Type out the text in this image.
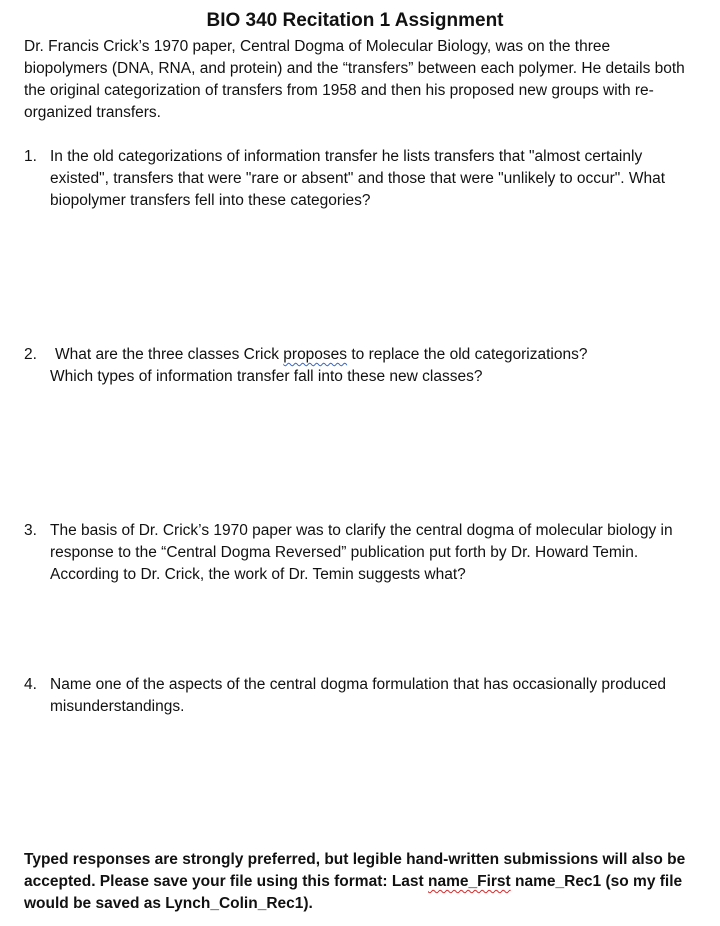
BIO 340 Recitation 1 Assignment
Dr. Francis Crick’s 1970 paper, Central Dogma of Molecular Biology, was on the three biopolymers (DNA, RNA, and protein) and the “transfers” between each polymer. He details both the original categorization of transfers from 1958 and then his proposed new groups with re-organized transfers.
1. In the old categorizations of information transfer he lists transfers that "almost certainly existed", transfers that were "rare or absent" and those that were "unlikely to occur". What biopolymer transfers fell into these categories?
2.	What are the three classes Crick proposes to replace the old categorizations?
Which types of information transfer fall into these new classes?
3. The basis of Dr. Crick’s 1970 paper was to clarify the central dogma of molecular biology in response to the “Central Dogma Reversed” publication put forth by Dr. Howard Temin. According to Dr. Crick, the work of Dr. Temin suggests what?
4. Name one of the aspects of the central dogma formulation that has occasionally produced misunderstandings.
Typed responses are strongly preferred, but legible hand-written submissions will also be accepted. Please save your file using this format: Last name_First name_Rec1 (so my file would be saved as Lynch_Colin_Rec1).
